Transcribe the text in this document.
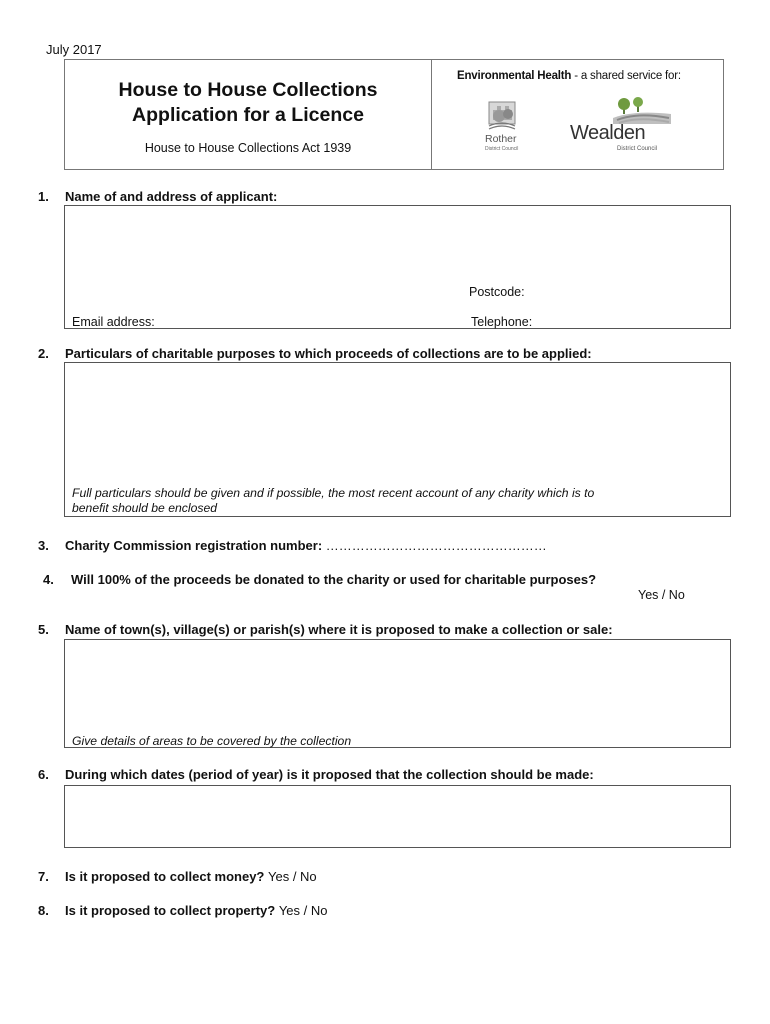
July 2017
House to House Collections
Application for a Licence
House to House Collections Act 1939
Environmental Health - a shared service for:
Rother
District Council
Wealden
District Council
1. Name of and address of applicant:
Postcode:
Email address:	Telephone:
2. Particulars of charitable purposes to which proceeds of collections are to be applied:
Full particulars should be given and if possible, the most recent account of any charity which is to
benefit should be enclosed
3. Charity Commission registration number: ……………………………………………
4. Will 100% of the proceeds be donated to the charity or used for charitable purposes?
Yes / No
5. Name of town(s), village(s) or parish(s) where it is proposed to make a collection or sale:
Give details of areas to be covered by the collection
6. During which dates (period of year) is it proposed that the collection should be made:
7. Is it proposed to collect money? Yes / No
8. Is it proposed to collect property? Yes / No
